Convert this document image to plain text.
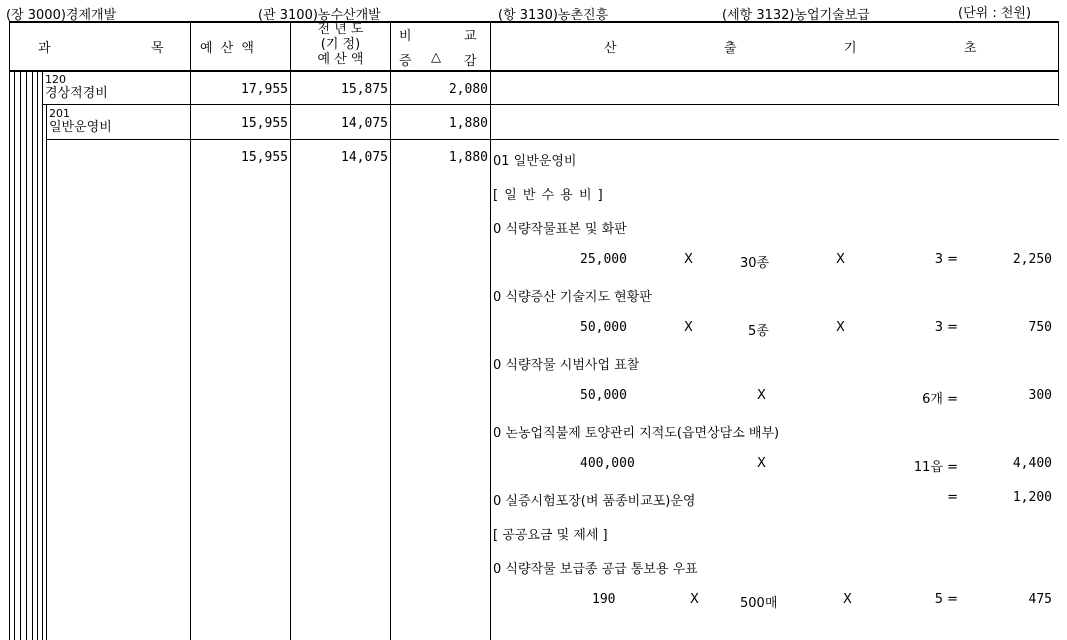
(장 3000)경제개발	(관 3100)농수산개발	(항 3130)농촌진흥	(세항 3132)농업기술보급	(단위 : 천원)
과	목	예 산 액
전 년 도
(기 정)
예 산 액
비	교
증 △ 감
산	출	기	초
120
경상적경비	17,955	15,875	2,080
201
일반운영비	15,955	14,075	1,880
15,955	14,075	1,880 01 일반운영비
[ 일 반 수 용 비 ]
0 식량작물표본 및 화판
25,000	X	30종	X	3 =	2,250
0 식량증산 기술지도 현황판
50,000	X	5종	X	3 =	750
0 식량작물 시범사업 표찰
50,000	X	6개 =	300
0 논농업직불제 토양관리 지적도(읍면상담소 배부)
400,000	X	11읍 =	4,400
0 실증시험포장(벼 품종비교포)운영	=	1,200
[ 공공요금 및 제세 ]
0 식량작물 보급종 공급 통보용 우표
190	X	500매	X	5 =	475
